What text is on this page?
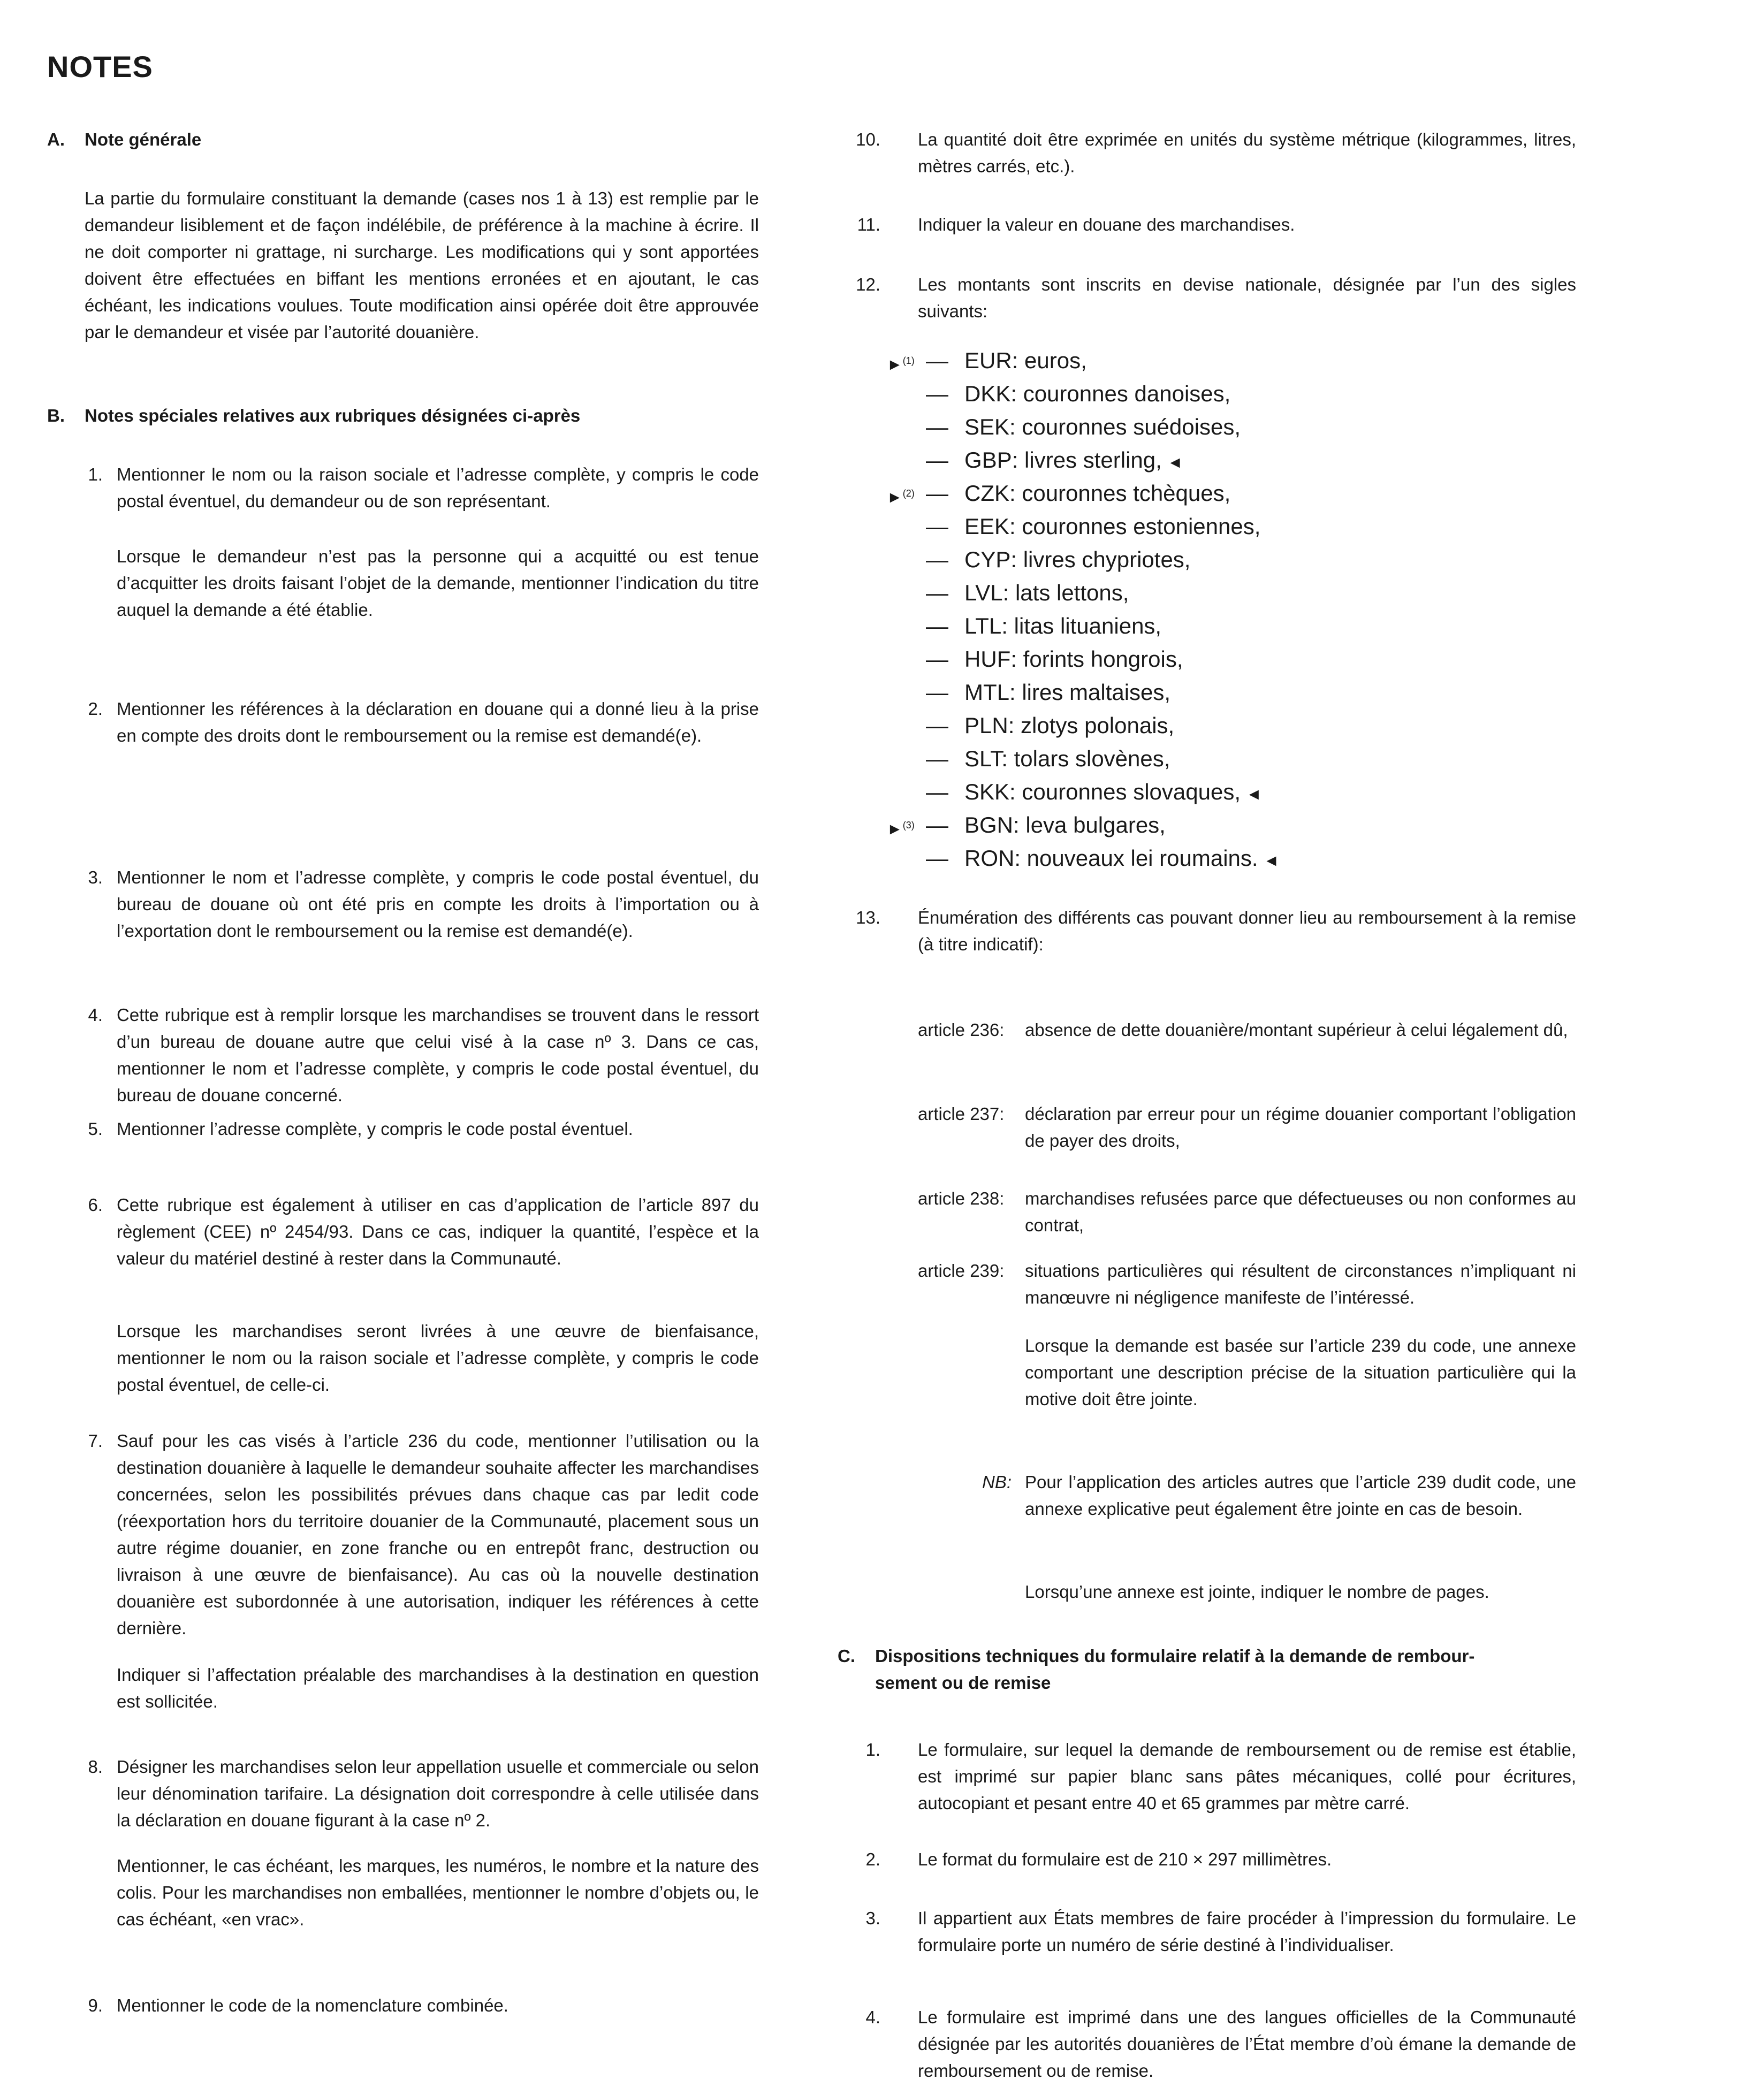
NOTES
A. Note générale
La partie du formulaire constituant la demande (cases nos 1 à 13) est remplie par le demandeur lisiblement et de façon indélébile, de préférence à la machine à écrire. Il ne doit comporter ni grattage, ni surcharge. Les modifications qui y sont apportées doivent être effectuées en biffant les mentions erronées et en ajoutant, le cas échéant, les indications voulues. Toute modification ainsi opérée doit être approuvée par le demandeur et visée par l’autorité douanière.
B. Notes spéciales relatives aux rubriques désignées ci-après
1. Mentionner le nom ou la raison sociale et l’adresse complète, y compris le code postal éventuel, du demandeur ou de son représentant.
Lorsque le demandeur n’est pas la personne qui a acquitté ou est tenue d’acquitter les droits faisant l’objet de la demande, mentionner l’indication du titre auquel la demande a été établie.
2. Mentionner les références à la déclaration en douane qui a donné lieu à la prise en compte des droits dont le remboursement ou la remise est demandé(e).
3. Mentionner le nom et l’adresse complète, y compris le code postal éventuel, du bureau de douane où ont été pris en compte les droits à l’importation ou à l’exportation dont le remboursement ou la remise est demandé(e).
4. Cette rubrique est à remplir lorsque les marchandises se trouvent dans le ressort d’un bureau de douane autre que celui visé à la case nº 3. Dans ce cas, mentionner le nom et l’adresse complète, y compris le code postal éventuel, du bureau de douane concerné.
5. Mentionner l’adresse complète, y compris le code postal éventuel.
6. Cette rubrique est également à utiliser en cas d’application de l’article 897 du règlement (CEE) nº 2454/93. Dans ce cas, indiquer la quantité, l’espèce et la valeur du matériel destiné à rester dans la Communauté.
Lorsque les marchandises seront livrées à une œuvre de bienfaisance, mentionner le nom ou la raison sociale et l’adresse complète, y compris le code postal éventuel, de celle-ci.
7. Sauf pour les cas visés à l’article 236 du code, mentionner l’utilisation ou la destination douanière à laquelle le demandeur souhaite affecter les marchandises concernées, selon les possibilités prévues dans chaque cas par ledit code (réexportation hors du territoire douanier de la Communauté, placement sous un autre régime douanier, en zone franche ou en entrepôt franc, destruction ou livraison à une œuvre de bienfaisance). Au cas où la nouvelle destination douanière est subordonnée à une autorisation, indiquer les références à cette dernière.
Indiquer si l’affectation préalable des marchandises à la destination en question est sollicitée.
8. Désigner les marchandises selon leur appellation usuelle et commerciale ou selon leur dénomination tarifaire. La désignation doit correspondre à celle utilisée dans la déclaration en douane figurant à la case nº 2.
Mentionner, le cas échéant, les marques, les numéros, le nombre et la nature des colis. Pour les marchandises non emballées, mentionner le nombre d’objets ou, le cas échéant, «en vrac».
9. Mentionner le code de la nomenclature combinée.
10. La quantité doit être exprimée en unités du système métrique (kilogrammes, litres, mètres carrés, etc.).
11. Indiquer la valeur en douane des marchandises.
12. Les montants sont inscrits en devise nationale, désignée par l’un des sigles suivants:
►$^{(1)}$ — EUR: euros,
— DKK: couronnes danoises,
— SEK: couronnes suédoises,
— GBP: livres sterling, ◄
►$^{(2)}$ — CZK: couronnes tchèques,
— EEK: couronnes estoniennes,
— CYP: livres chypriotes,
— LVL: lats lettons,
— LTL: litas lituaniens,
— HUF: forints hongrois,
— MTL: lires maltaises,
— PLN: zlotys polonais,
— SLT: tolars slovènes,
— SKK: couronnes slovaques, ◄
►$^{(3)}$ — BGN: leva bulgares,
— RON: nouveaux lei roumains. ◄
13. Énumération des différents cas pouvant donner lieu au remboursement à la remise (à titre indicatif):
article 236: absence de dette douanière/montant supérieur à celui légalement dû,
article 237: déclaration par erreur pour un régime douanier comportant l’obligation de payer des droits,
article 238: marchandises refusées parce que défectueuses ou non conformes au contrat,
article 239: situations particulières qui résultent de circonstances n’impliquant ni manœuvre ni négligence manifeste de l’intéressé.
Lorsque la demande est basée sur l’article 239 du code, une annexe comportant une description précise de la situation particulière qui la motive doit être jointe.
NB: Pour l’application des articles autres que l’article 239 dudit code, une annexe explicative peut également être jointe en cas de besoin.
Lorsqu’une annexe est jointe, indiquer le nombre de pages.
C. Dispositions techniques du formulaire relatif à la demande de rembour-
sement ou de remise
1. Le formulaire, sur lequel la demande de remboursement ou de remise est établie, est imprimé sur papier blanc sans pâtes mécaniques, collé pour écritures, autocopiant et pesant entre 40 et 65 grammes par mètre carré.
2. Le format du formulaire est de 210 × 297 millimètres.
3. Il appartient aux États membres de faire procéder à l’impression du formulaire. Le formulaire porte un numéro de série destiné à l’individualiser.
4. Le formulaire est imprimé dans une des langues officielles de la Communauté désignée par les autorités douanières de l’État membre d’où émane la demande de remboursement ou de remise.
